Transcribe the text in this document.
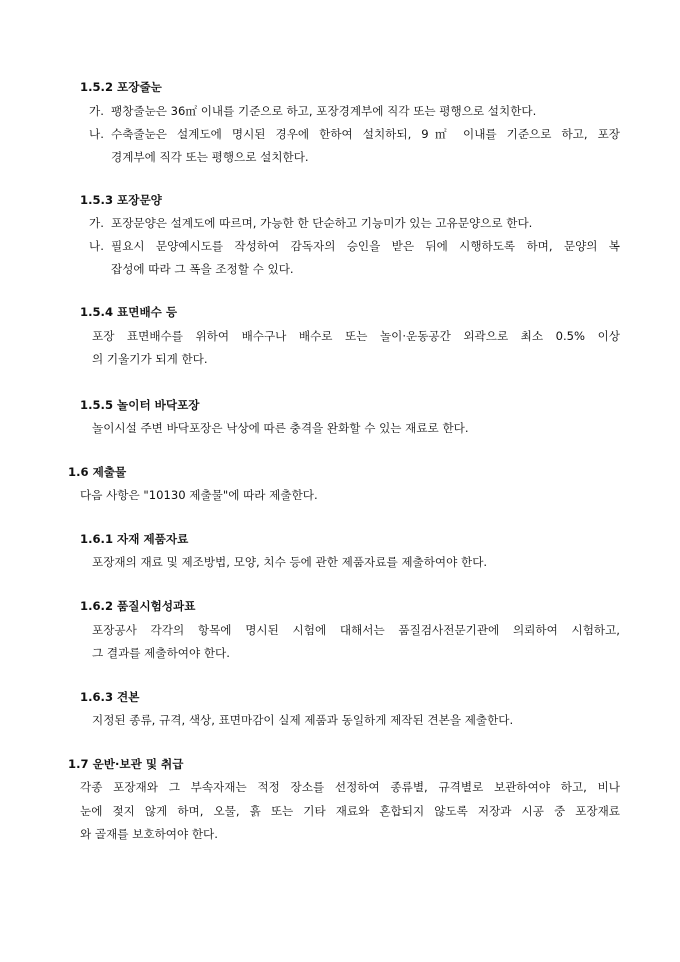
1.5.2 포장줄눈
가. 팽창줄눈은 36㎡ 이내를 기준으로 하고, 포장경계부에 직각 또는 평행으로 설치한다.
나. 수축줄눈은 설계도에 명시된 경우에 한하여 설치하되, 9㎡ 이내를 기준으로 하고, 포장
경계부에 직각 또는 평행으로 설치한다.
1.5.3 포장문양
가. 포장문양은 설계도에 따르며, 가능한 한 단순하고 기능미가 있는 고유문양으로 한다.
나. 필요시 문양예시도를 작성하여 감독자의 승인을 받은 뒤에 시행하도록 하며, 문양의 복
잡성에 따라 그 폭을 조정할 수 있다.
1.5.4 표면배수 등
포장 표면배수를 위하여 배수구나 배수로 또는 놀이·운동공간 외곽으로 최소 0.5% 이상
의 기울기가 되게 한다.
1.5.5 놀이터 바닥포장
놀이시설 주변 바닥포장은 낙상에 따른 충격을 완화할 수 있는 재료로 한다.
1.6 제출물
다음 사항은 "10130 제출물"에 따라 제출한다.
1.6.1 자재 제품자료
포장재의 재료 및 제조방법, 모양, 치수 등에 관한 제품자료를 제출하여야 한다.
1.6.2 품질시험성과표
포장공사 각각의 항목에 명시된 시험에 대해서는 품질검사전문기관에 의뢰하여 시험하고,
그 결과를 제출하여야 한다.
1.6.3 견본
지정된 종류, 규격, 색상, 표면마감이 실제 제품과 동일하게 제작된 견본을 제출한다.
1.7 운반·보관 및 취급
각종 포장재와 그 부속자재는 적정 장소를 선정하여 종류별, 규격별로 보관하여야 하고, 비나
눈에 젖지 않게 하며, 오물, 흙 또는 기타 재료와 혼합되지 않도록 저장과 시공 중 포장재료
와 골재를 보호하여야 한다.
